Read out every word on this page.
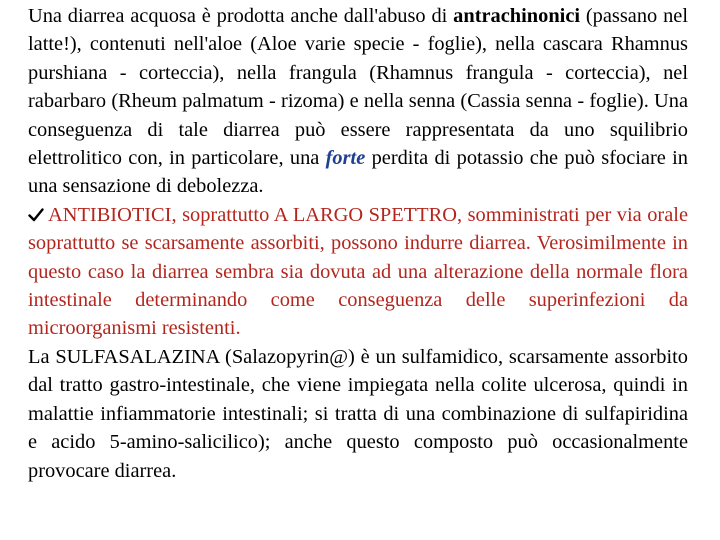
Una diarrea acquosa è prodotta anche dall'abuso di antrachinonici (passano nel latte!), contenuti nell'aloe (Aloe varie specie - foglie), nella cascara Rhamnus purshiana - corteccia), nella frangula (Rhamnus frangula - corteccia), nel rabarbaro (Rheum palmatum - rizoma) e nella senna (Cassia senna - foglie). Una conseguenza di tale diarrea può essere rappresentata da uno squilibrio elettrolitico con, in particolare, una forte perdita di potassio che può sfociare in una sensazione di debolezza.

ANTIBIOTICI, soprattutto A LARGO SPETTRO, somministrati per via orale soprattutto se scarsamente assorbiti, possono indurre diarrea. Verosimilmente in questo caso la diarrea sembra sia dovuta ad una alterazione della normale flora intestinale determinando come conseguenza delle superinfezioni da microorganismi resistenti.

La SULFASALAZINA (Salazopyrin@) è un sulfamidico, scarsamente assorbito dal tratto gastro-intestinale, che viene impiegata nella colite ulcerosa, quindi in malattie infiammatorie intestinali; si tratta di una combinazione di sulfapiridina e acido 5-amino-salicilico); anche questo composto può occasionalmente provocare diarrea.
